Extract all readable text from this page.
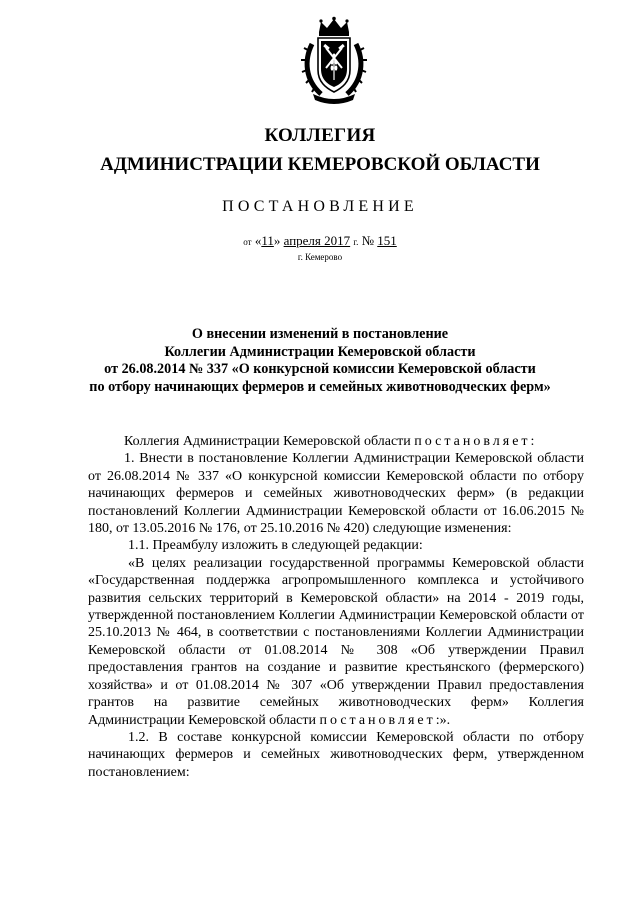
КОЛЛЕГИЯ
АДМИНИСТРАЦИИ КЕМЕРОВСКОЙ ОБЛАСТИ
ПОСТАНОВЛЕНИЕ
от «11» апреля 2017 г. № 151
г. Кемерово
О внесении изменений в постановление
Коллегии Администрации Кемеровской области
от 26.08.2014 № 337 «О конкурсной комиссии Кемеровской области
по отбору начинающих фермеров и семейных животноводческих ферм»

Коллегия Администрации Кемеровской области постановляет:

1. Внести в постановление Коллегии Администрации Кемеровской области от 26.08.2014 № 337 «О конкурсной комиссии Кемеровской области по отбору начинающих фермеров и семейных животноводческих ферм» (в редакции постановлений Коллегии Администрации Кемеровской области от 16.06.2015 № 180, от 13.05.2016 № 176, от 25.10.2016 № 420) следующие изменения:

1.1. Преамбулу изложить в следующей редакции:

«В целях реализации государственной программы Кемеровской области «Государственная поддержка агропромышленного комплекса и устойчивого развития сельских территорий в Кемеровской области» на 2014 - 2019 годы, утвержденной постановлением Коллегии Администрации Кемеровской области от 25.10.2013 № 464, в соответствии с постановлениями Коллегии Администрации Кемеровской области от 01.08.2014 № 308 «Об утверждении Правил предоставления грантов на создание и развитие крестьянского (фермерского) хозяйства» и от 01.08.2014 № 307 «Об утверждении Правил предоставления грантов на развитие семейных животноводческих ферм» Коллегия Администрации Кемеровской области постановляет:».

1.2. В составе конкурсной комиссии Кемеровской области по отбору начинающих фермеров и семейных животноводческих ферм, утвержденном постановлением:
